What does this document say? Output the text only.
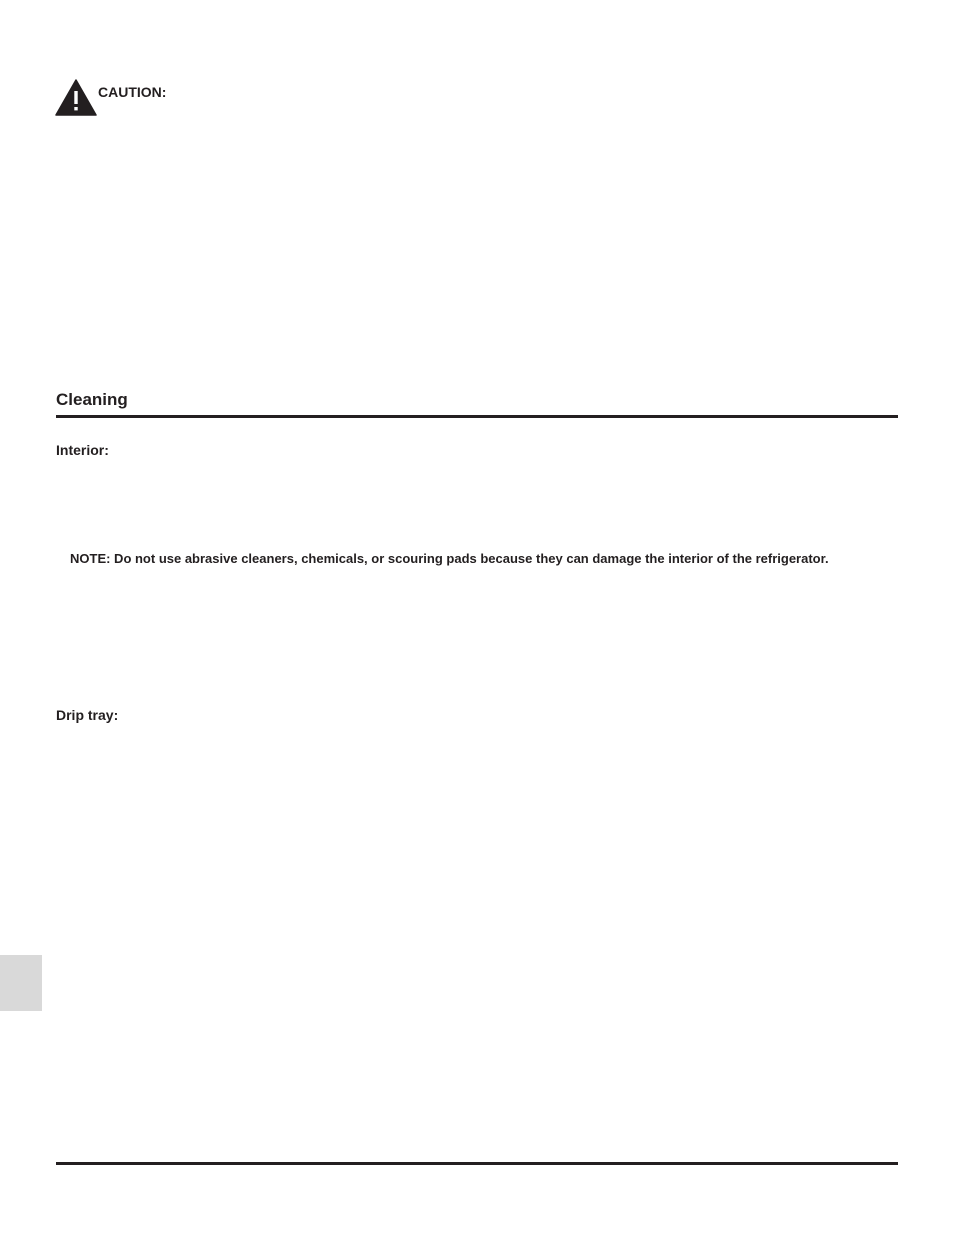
CAUTION:
Cleaning
Interior:
NOTE: Do not use abrasive cleaners, chemicals, or scouring pads because they can damage the interior of the refrigerator.
Drip tray:
